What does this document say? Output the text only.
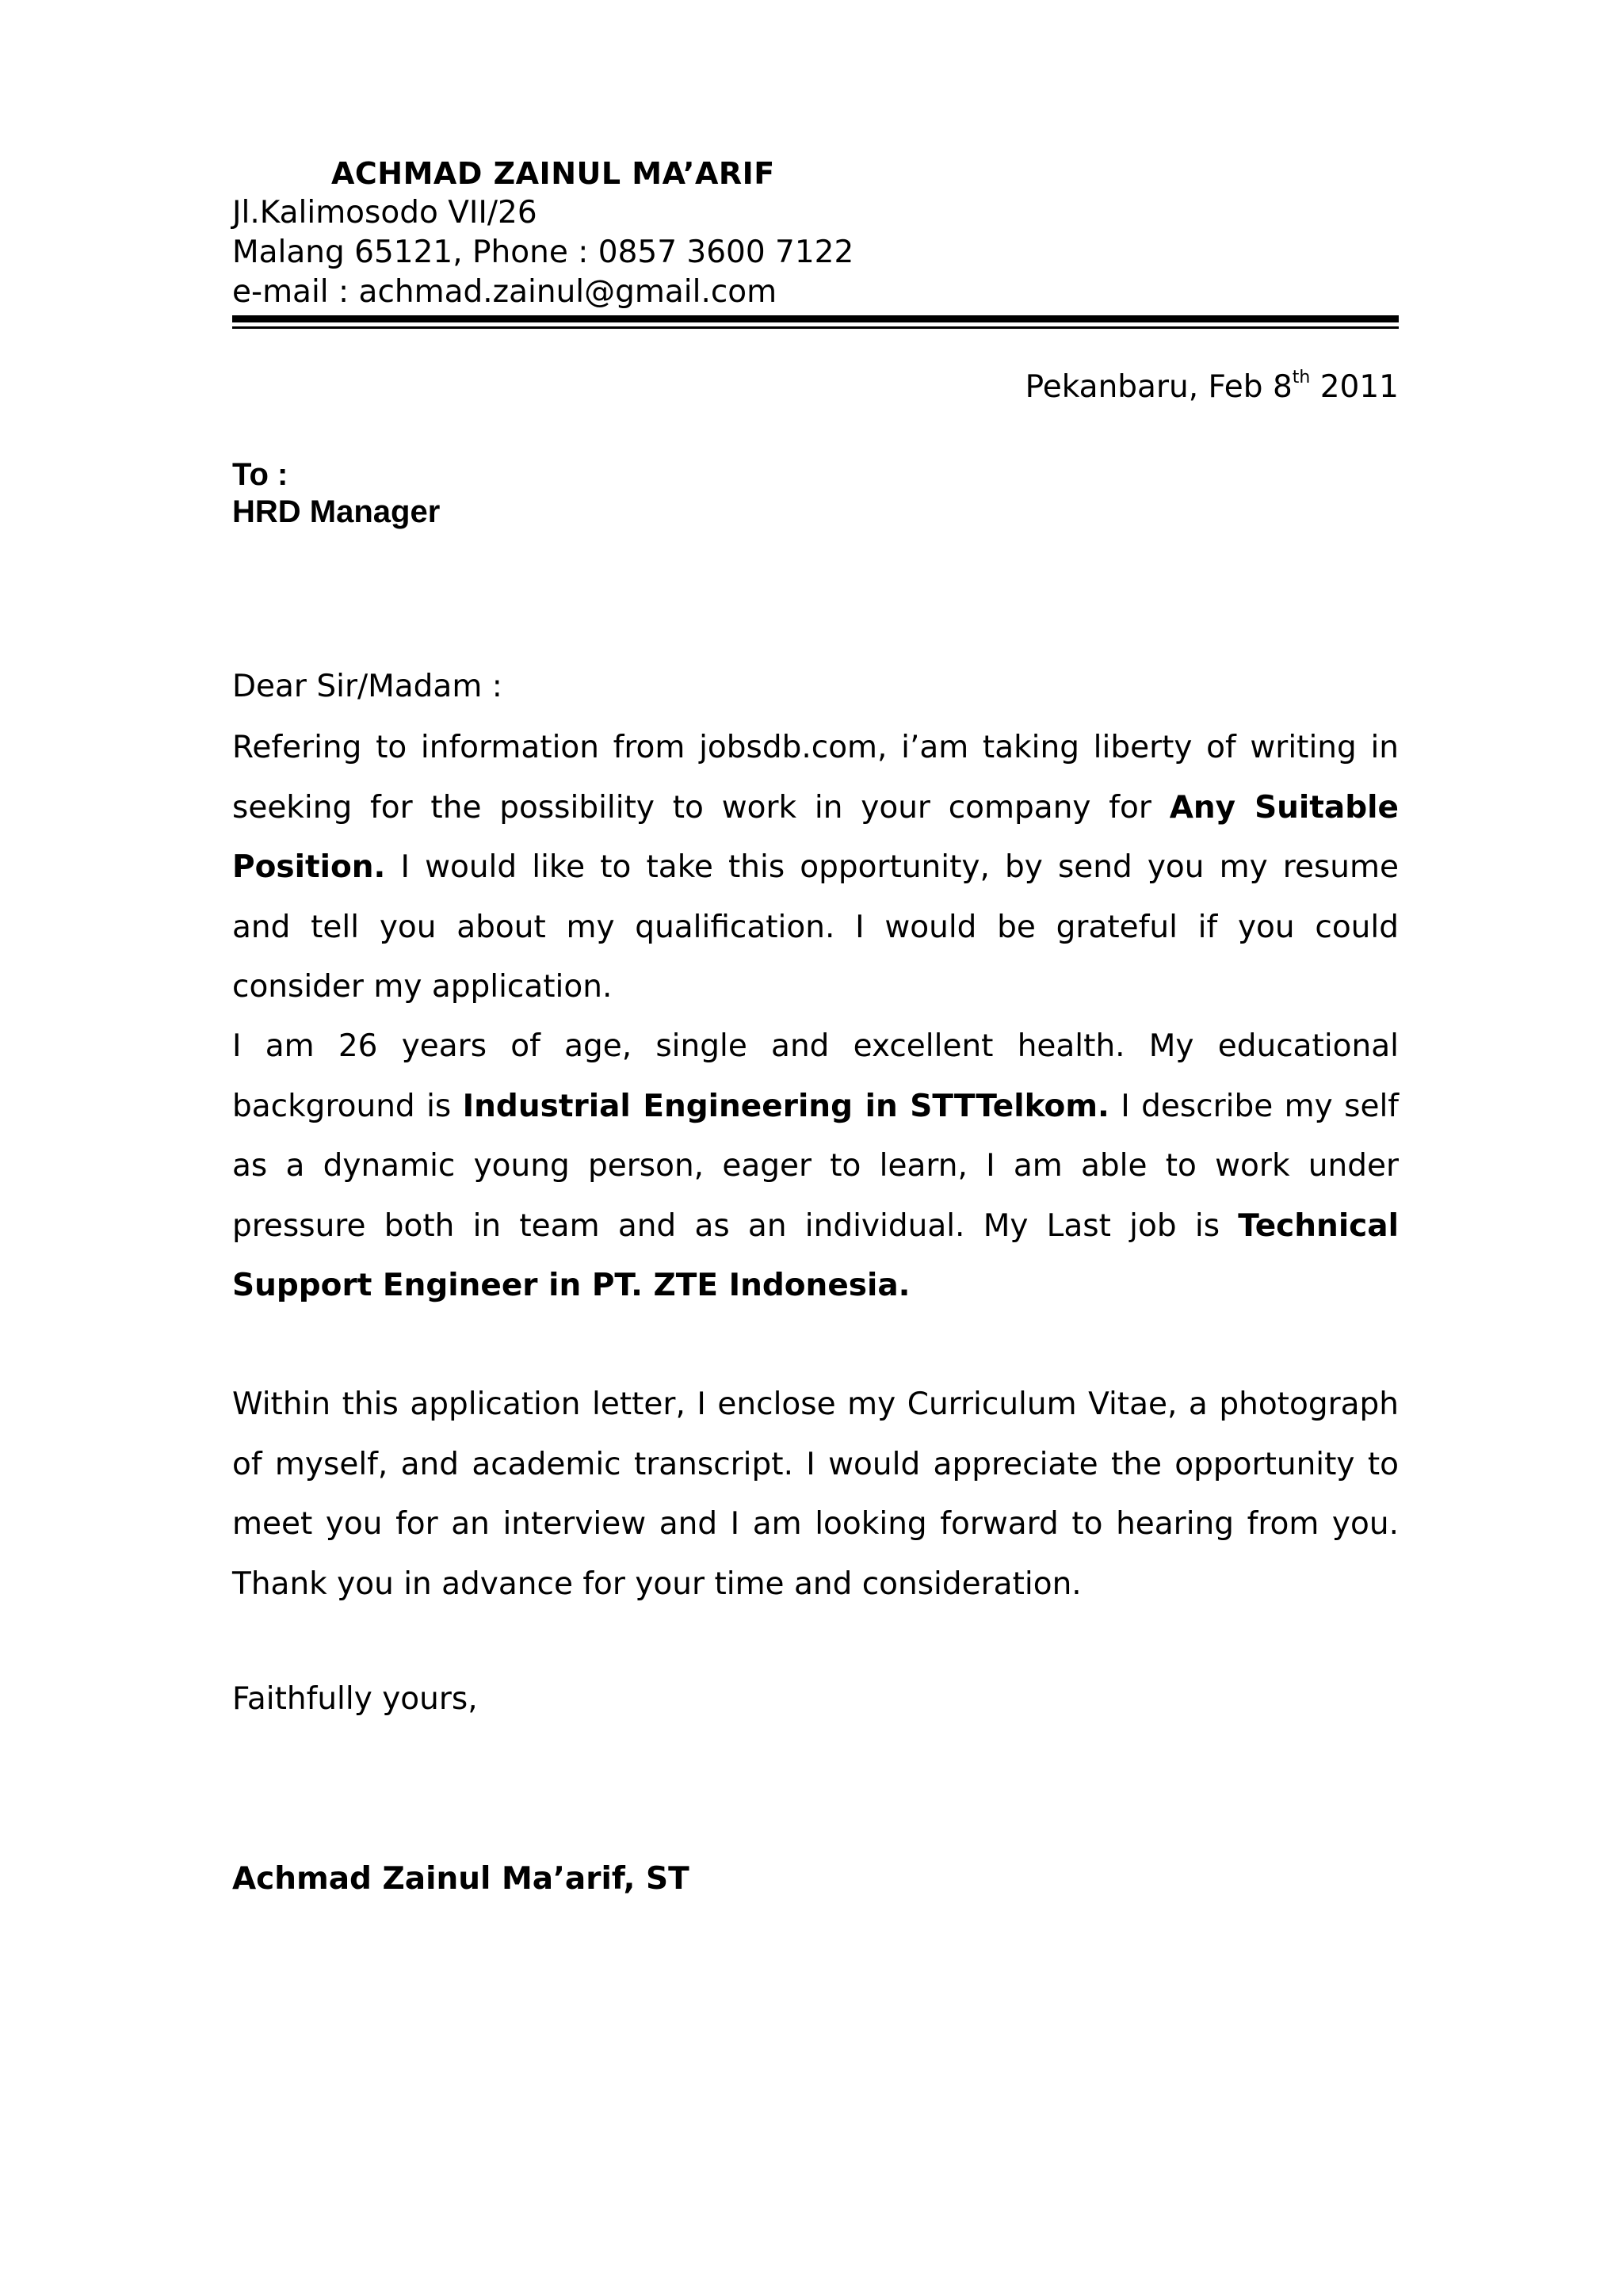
ACHMAD ZAINUL MA’ARIF

Jl.Kalimosodo VII/26

Malang 65121, Phone : 0857 3600 7122

e-mail : achmad.zainul@gmail.com

Pekanbaru, Feb 8th 2011

To :

HRD Manager

Dear Sir/Madam :

Refering to information from jobsdb.com, i’am taking liberty of writing in seeking for the possibility to work in your company for Any Suitable Position. I would like to take this opportunity, by send you my resume and tell you about my qualification. I would be grateful if you could consider my application.

I am 26 years of age, single and excellent health. My educational background is Industrial Engineering in STTTelkom. I describe my self as a dynamic young person, eager to learn, I am able to work under pressure both in team and as an individual. My Last job is Technical Support Engineer in PT. ZTE Indonesia.

Within this application letter, I enclose my Curriculum Vitae, a photograph of myself, and academic transcript. I would appreciate the opportunity to meet you for an interview and I am looking forward to hearing from you. Thank you in advance for your time and consideration.

Faithfully yours,

Achmad Zainul Ma’arif, ST
